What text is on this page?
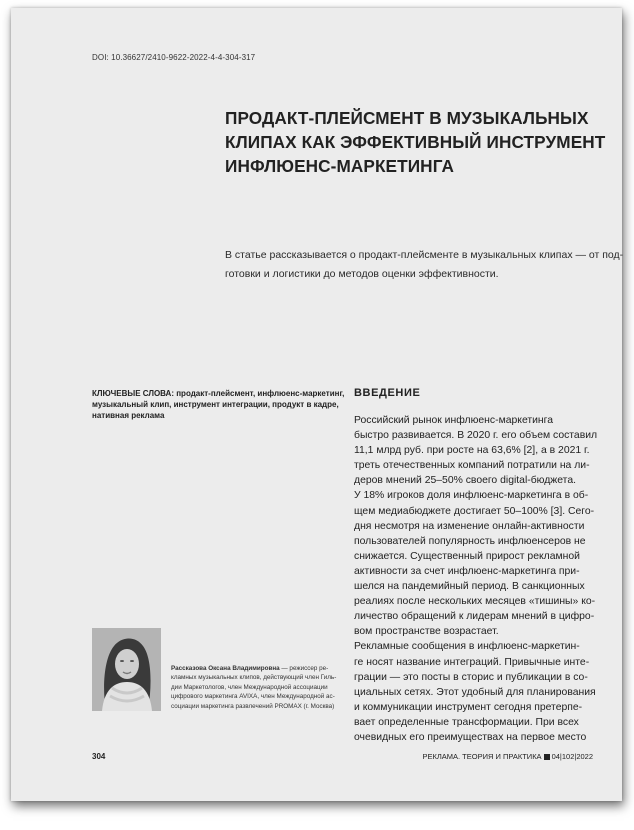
DOI: 10.36627/2410-9622-2022-4-4-304-317
ПРОДАКТ-ПЛЕЙСМЕНТ В МУЗЫКАЛЬНЫХ
КЛИПАХ КАК ЭФФЕКТИВНЫЙ ИНСТРУМЕНТ
ИНФЛЮЕНС-МАРКЕТИНГА
В статье рассказывается о продакт-плейсменте в музыкальных клипах — от под-
готовки и логистики до методов оценки эффективности.
КЛЮЧЕВЫЕ СЛОВА: продакт-плейсмент, инфлюенс-маркетинг,
музыкальный клип, инструмент интеграции, продукт в кадре,
нативная реклама
ВВЕДЕНИЕ
Российский рынок инфлюенс-маркетинга
быстро развивается. В 2020 г. его объем составил
11,1 млрд руб. при росте на 63,6% [2], а в 2021 г.
треть отечественных компаний потратили на ли-
деров мнений 25–50% своего digital-бюджета.
У 18% игроков доля инфлюенс-маркетинга в об-
щем медиабюджете достигает 50–100% [3]. Сего-
дня несмотря на изменение онлайн-активности
пользователей популярность инфлюенсеров не
снижается. Существенный прирост рекламной
активности за счет инфлюенс-маркетинга при-
шелся на пандемийный период. В санкционных
реалиях после нескольких месяцев «тишины» ко-
личество обращений к лидерам мнений в цифро-
вом пространстве возрастает.
Рекламные сообщения в инфлюенс-маркетин-
ге носят название интеграций. Привычные инте-
грации — это посты в сторис и публикации в со-
циальных сетях. Этот удобный для планирования
и коммуникации инструмент сегодня претерпе-
вает определенные трансформации. При всех
очевидных его преимуществах на первое место
Рассказова Оксана Владимировна — режиссер ре-
кламных музыкальных клипов, действующий член Гиль-
дии Маркетологов, член Международной ассоциации
цифрового маркетинга AVIXA, член Международной ас-
социации маркетинга развлечений PROMAX (г. Москва)
304	РЕКЛАМА. ТЕОРИЯ И ПРАКТИКА 04|102|2022
